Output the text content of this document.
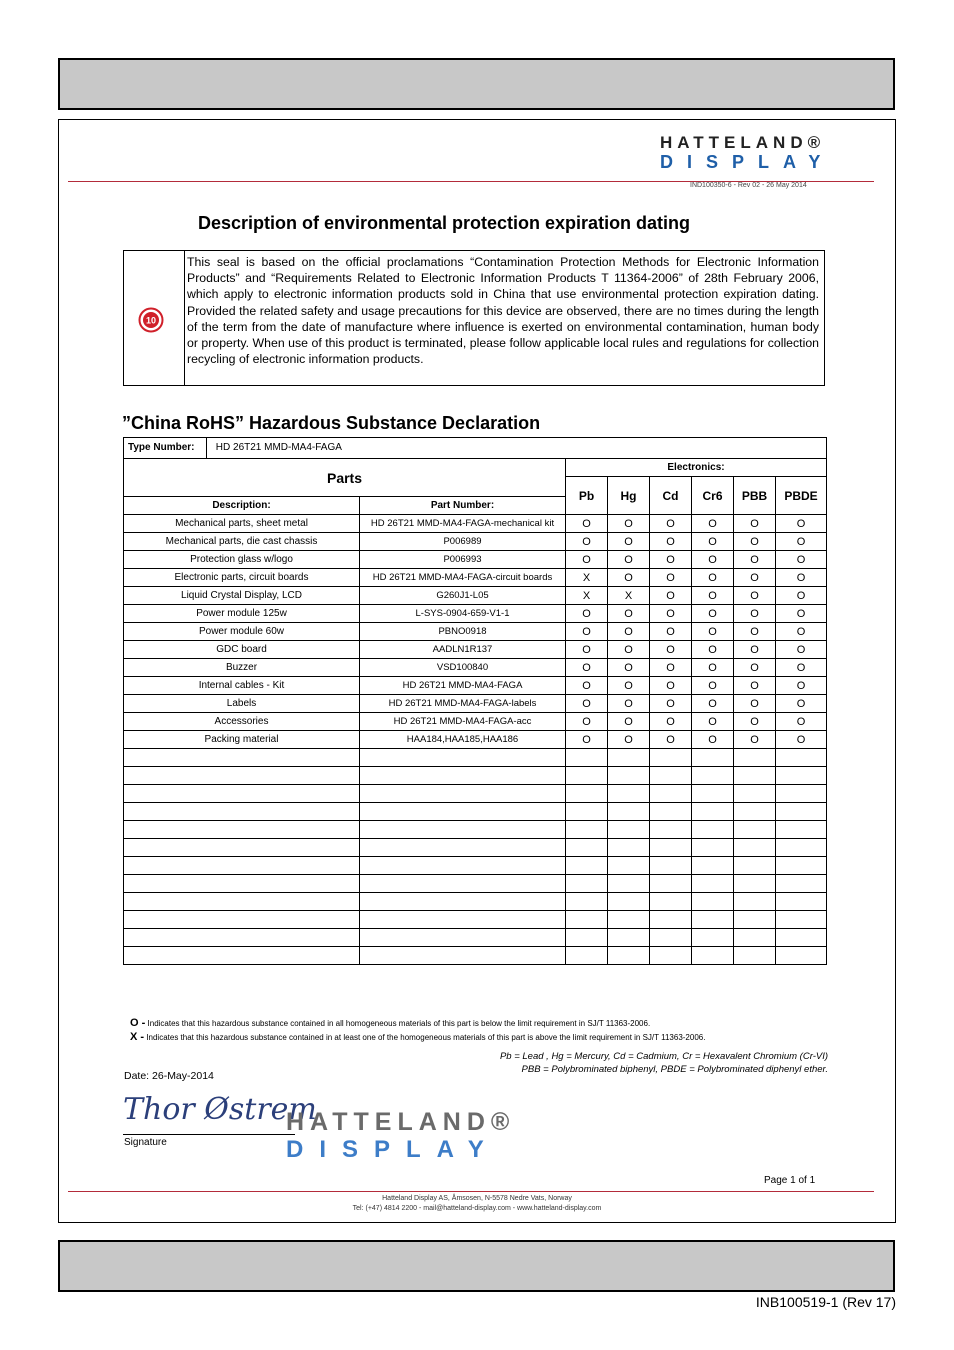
HATTELAND®
DISPLAY
IND100350-6 - Rev 02 - 26 May 2014
Description of environmental protection expiration dating
10
This seal is based on the official proclamations “Contamination Protection Methods for Electronic Information Products” and “Requirements Related to Electronic Information Products T 11364-2006” of 28th February 2006, which apply to electronic information products sold in China that use environmental protection expiration dating. Provided the related safety and usage precautions for this device are observed, there are no times during the length of the term from the date of manufacture where influence is exerted on environmental contamination, human body or property. When use of this product is terminated, please follow applicable local rules and regulations for collection recycling of electronic information products.
”China RoHS” Hazardous Substance Declaration
Type Number: HD 26T21 MMD-MA4-FAGA							
Parts		Electronics:					
		Pb	Hg	Cd	Cr6	PBB	PBDE
Description:	Part Number:						
Mechanical parts, sheet metal	HD 26T21 MMD-MA4-FAGA-mechanical kit	O	O	O	O	O	O
Mechanical parts, die cast chassis	P006989	O	O	O	O	O	O
Protection glass w/logo	P006993	O	O	O	O	O	O
Electronic parts, circuit boards	HD 26T21 MMD-MA4-FAGA-circuit boards	X	O	O	O	O	O
Liquid Crystal Display, LCD	G260J1-L05	X	X	O	O	O	O
Power module 125w	L-SYS-0904-659-V1-1	O	O	O	O	O	O
Power module 60w	PBNO0918	O	O	O	O	O	O
GDC board	AADLN1R137	O	O	O	O	O	O
Buzzer	VSD100840	O	O	O	O	O	O
Internal cables - Kit	HD 26T21 MMD-MA4-FAGA	O	O	O	O	O	O
Labels	HD 26T21 MMD-MA4-FAGA-labels	O	O	O	O	O	O
Accessories	HD 26T21 MMD-MA4-FAGA-acc	O	O	O	O	O	O
Packing material	HAA184,HAA185,HAA186	O	O	O	O	O	O

O - Indicates that this hazardous substance contained in all homogeneous materials of this part is below the limit requirement in SJ/T 11363-2006.
X - Indicates that this hazardous substance contained in at least one of the homogeneous materials of this part is above the limit requirement in SJ/T 11363-2006.
Pb = Lead , Hg = Mercury, Cd = Cadmium, Cr = Hexavalent Chromium (Cr-VI)
PBB = Polybrominated biphenyl, PBDE = Polybrominated diphenyl ether.
Date: 26-May-2014
Thor Østrem
Signature
HATTELAND®
DISPLAY
Page 1 of 1
Hatteland Display AS, Åmsosen, N-5578 Nedre Vats, Norway
Tel: (+47) 4814 2200 - mail@hatteland-display.com - www.hatteland-display.com
INB100519-1 (Rev 17)
